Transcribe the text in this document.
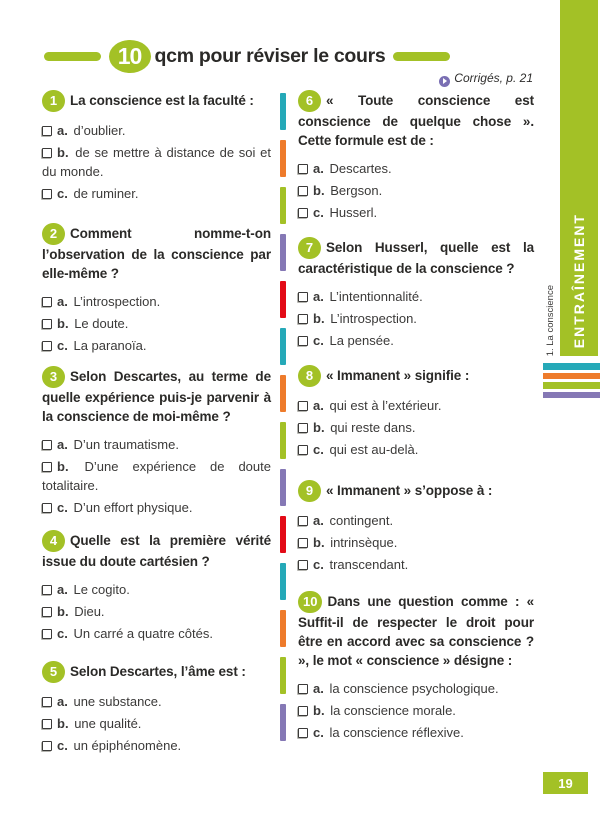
10 qcm pour réviser le cours
Corrigés, p. 21

1 La conscience est la faculté :

a. d’oublier.

b. de se mettre à distance de soi et du monde.

c. de ruminer.

2 Comment nomme-t-on l’observation de la conscience par elle-même ?

a. L’introspection.

b. Le doute.

c. La paranoïa.

3 Selon Descartes, au terme de quelle expérience puis-je parvenir à la conscience de moi-même ?

a. D’un traumatisme.

b. D’une expérience de doute totalitaire.

c. D’un effort physique.

4 Quelle est la première vérité issue du doute cartésien ?

a. Le cogito.

b. Dieu.

c. Un carré a quatre côtés.

5 Selon Descartes, l’âme est :

a. une substance.

b. une qualité.

c. un épiphénomène.

6 « Toute conscience est conscience de quelque chose ». Cette formule est de :

a. Descartes.

b. Bergson.

c. Husserl.

7 Selon Husserl, quelle est la caractéristique de la conscience ?

a. L’intentionnalité.

b. L’introspection.

c. La pensée.

8 « Immanent » signifie :

a. qui est à l’extérieur.

b. qui reste dans.

c. qui est au-delà.

9 « Immanent » s’oppose à :

a. contingent.

b. intrinsèque.

c. transcendant.

10 Dans une question comme : « Suffit-il de respecter le droit pour être en accord avec sa conscience ? », le mot « conscience » désigne :

a. la conscience psychologique.

b. la conscience morale.

c. la conscience réflexive.

1. La conscience ENTRAÎNEMENT
19
